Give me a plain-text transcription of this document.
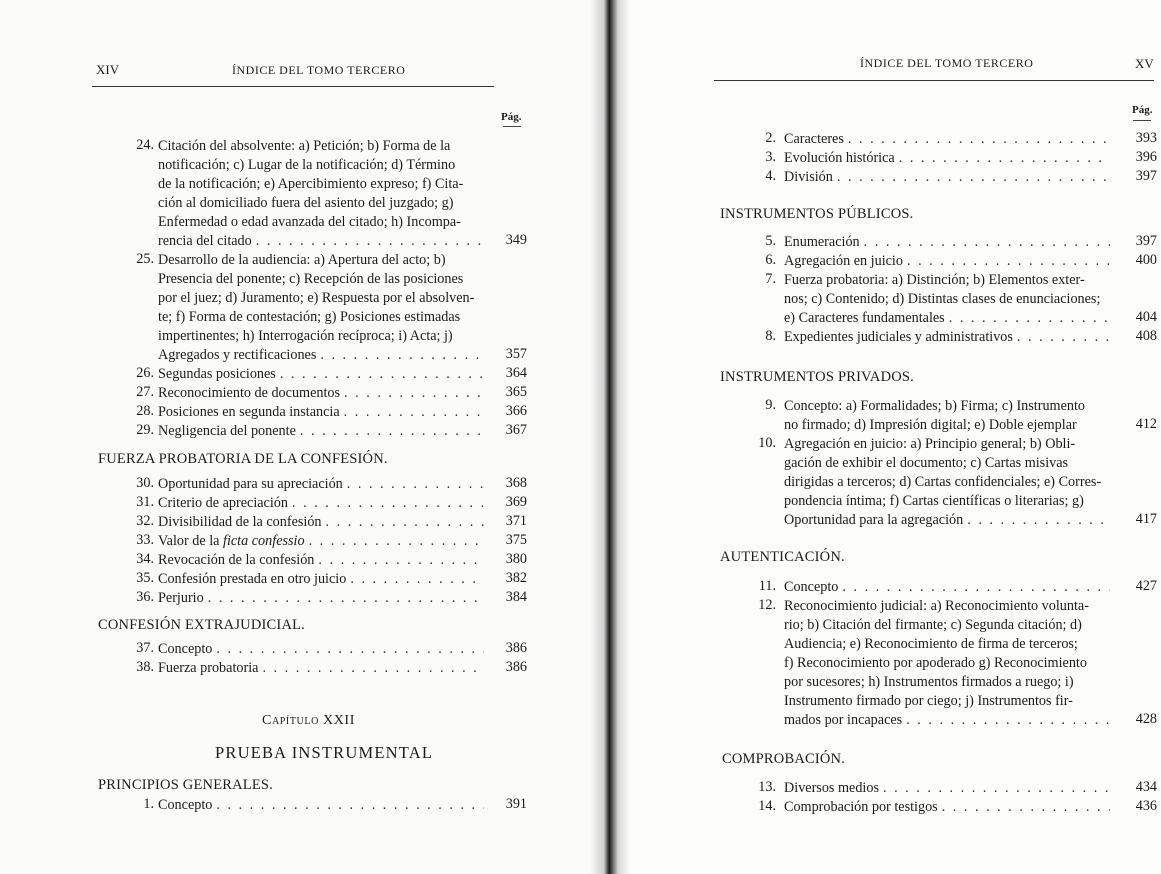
XIV	ÍNDICE DEL TOMO TERCERO
Pág.
24. Citación del absolvente: a) Petición; b) Forma de la
notificación; c) Lugar de la notificación; d) Término
de la notificación; e) Apercibimiento expreso; f) Cita-
ción al domiciliado fuera del asiento del juzgado; g)
Enfermedad o edad avanzada del citado; h) Incompa-
rencia del citado . . .	349
25. Desarrollo de la audiencia: a) Apertura del acto; b)
Presencia del ponente; c) Recepción de las posiciones
por el juez; d) Juramento; e) Respuesta por el absolven-
te; f) Forma de contestación; g) Posiciones estimadas
impertinentes; h) Interrogación recíproca; i) Acta; j)
Agregados y rectificaciones . . .	357
26. Segundas posiciones . . .	364
27. Reconocimiento de documentos . . .	365
28. Posiciones en segunda instancia . . .	366
29. Negligencia del ponente . . .	367
FUERZA PROBATORIA DE LA CONFESIÓN.
30. Oportunidad para su apreciación . . .	368
31. Criterio de apreciación . . .	369
32. Divisibilidad de la confesión . . .	371
33. Valor de la ficta confessio . . .	375
34. Revocación de la confesión . . .	380
35. Confesión prestada en otro juicio . . .	382
36. Perjurio . . .	384
CONFESIÓN EXTRAJUDICIAL.
37. Concepto . . .	386
38. Fuerza probatoria . . .	386
Capítulo XXII
PRUEBA INSTRUMENTAL
PRINCIPIOS GENERALES.
1. Concepto . . .	391
ÍNDICE DEL TOMO TERCERO	XV
Pág.
2. Caracteres . . .	393
3. Evolución histórica . . .	396
4. División . . .	397
INSTRUMENTOS PÚBLICOS.
5. Enumeración . . .	397
6. Agregación en juicio . . .	400
7. Fuerza probatoria: a) Distinción; b) Elementos exter-
nos; c) Contenido; d) Distintas clases de enunciaciones;
e) Caracteres fundamentales . . .	404
8. Expedientes judiciales y administrativos . . .	408
INSTRUMENTOS PRIVADOS.
9. Concepto: a) Formalidades; b) Firma; c) Instrumento
no firmado; d) Impresión digital; e) Doble ejemplar	412
10. Agregación en juicio: a) Principio general; b) Obli-
gación de exhibir el documento; c) Cartas misivas
dirigidas a terceros; d) Cartas confidenciales; e) Corres-
pondencia íntima; f) Cartas científicas o literarias; g)
Oportunidad para la agregación . . .	417
AUTENTICACIÓN.
11. Concepto . . .	427
12. Reconocimiento judicial: a) Reconocimiento volunta-
rio; b) Citación del firmante; c) Segunda citación; d)
Audiencia; e) Reconocimiento de firma de terceros;
f) Reconocimiento por apoderado g) Reconocimiento
por sucesores; h) Instrumentos firmados a ruego; i)
Instrumento firmado por ciego; j) Instrumentos fir-
mados por incapaces . . .	428
COMPROBACIÓN.
13. Diversos medios . . .	434
14. Comprobación por testigos . . .	436
